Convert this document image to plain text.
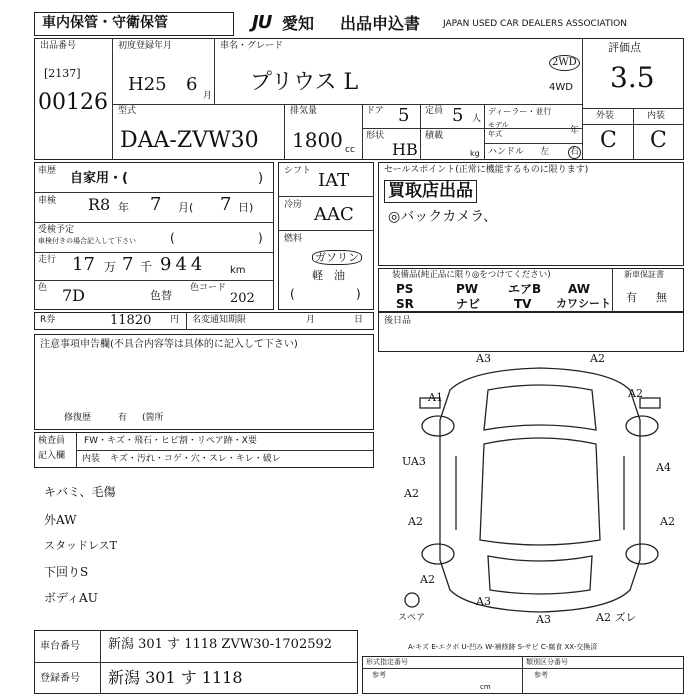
車内保管・守衛保管	JU 愛知 出品申込書	JAPAN USED CAR DEALERS ASSOCIATION
出品番号
[2137]
00126
初度登録年月
H25 6
月
車名・グレード
プリウス L
2WD
4WD
評価点
3.5
外装	内装
C C
型式
DAA-ZVW30
排気量
1800 cc
ドア 5 定員 5 人
ディーラー・並行
モデル
年式	年
形状
HB
積載
kg ハンドル 左 右
車歴 自家用・(	)
車検 R8 年 7 月( 7 日)
受検予定
車検付きの場合記入して下さい	(	)
走行 17 万 7 千 944 km
色 7D	色替
色コード
202
シフト IAT
冷房 AAC
燃料
ガソリン
軽　油
(	)
セールスポイント(正常に機能するものに限ります)
買取店出品
◎バックカメラ、
装備品(純正品に限り◎をつけてください)
PS	PW エアB AW
SR	ナビ	TV カワシート
新車保証書
有 無
R券	11820 円 名変通知期限	月	日 後日品
注意事項申告欄(不具合内容等は具体的に記入して下さい)
修復歴	有 (箇所
検査員
記入欄
FW・キズ・飛石・ヒビ割・リペア跡・X要
内装 キズ・汚れ・コゲ・穴・スレ・キレ・破レ
キバミ、毛傷
外AW
スタッドレスT
下回りS
ボディAU
車台番号 新潟 301 す 1118 ZVW30-1702592
登録番号 新潟 301 す 1118
形式指定番号	類別区分番号
参考	参考
cm
A3	A2
A1	A2
UA3	A4
A2
A2	A2
A2
A3
A3	A2 ズレ
スペア
A-キズ E-エクボ U-凹み W-補修跡 S-サビ C-腐食 XX-交換済
